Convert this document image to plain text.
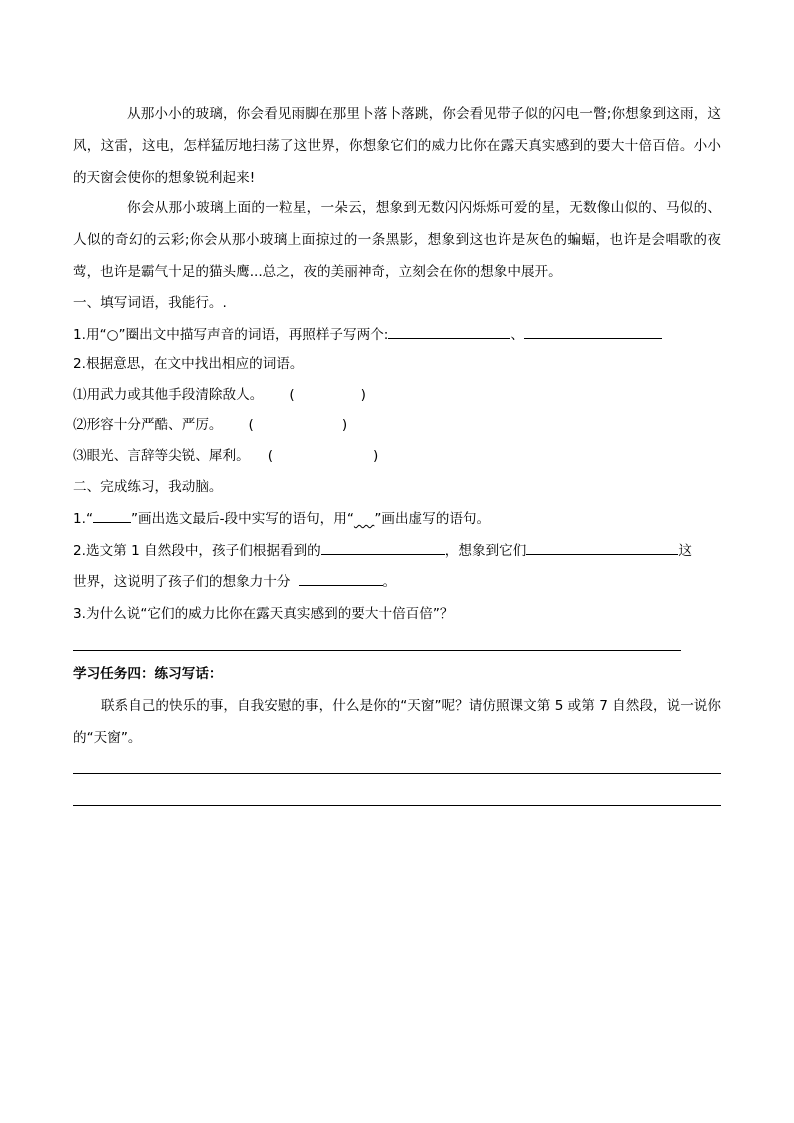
从那小小的玻璃，你会看见雨脚在那里卜落卜落跳，你会看见带子似的闪电一瞥;你想象到这雨，这风，这雷，这电，怎样猛厉地扫荡了这世界，你想象它们的威力比你在露天真实感到的要大十倍百倍。小小的天窗会使你的想象锐利起来!

你会从那小玻璃上面的一粒星，一朵云，想象到无数闪闪烁烁可爱的星，无数像山似的、马似的、人似的奇幻的云彩;你会从那小玻璃上面掠过的一条黑影，想象到这也许是灰色的蝙蝠，也许是会唱歌的夜莺，也许是霸气十足的猫头鹰...总之，夜的美丽神奇，立刻会在你的想象中展开。

一、填写词语，我能行。.

1.用“○”圈出文中描写声音的词语，再照样子写两个:	、

2.根据意思，在文中找出相应的词语。

⑴用武力或其他手段清除敌人。 (	)

⑵形容十分严酷、严厉。 (	)

⑶眼光、言辞等尖锐、犀利。 (	)

二、完成练习，我动脑。

1.“	”画出选文最后-段中实写的语句，用“    ”画出虚写的语句。

2.选文第 1 自然段中，孩子们根据看到的	，想象到它们	这

世界，这说明了孩子们的想象力十分	。

3.为什么说“它们的威力比你在露天真实感到的要大十倍百倍”？

学习任务四：练习写话：

联系自己的快乐的事，自我安慰的事，什么是你的“天窗”呢？请仿照课文第 5 或第 7 自然段，说一说你的“天窗”。
